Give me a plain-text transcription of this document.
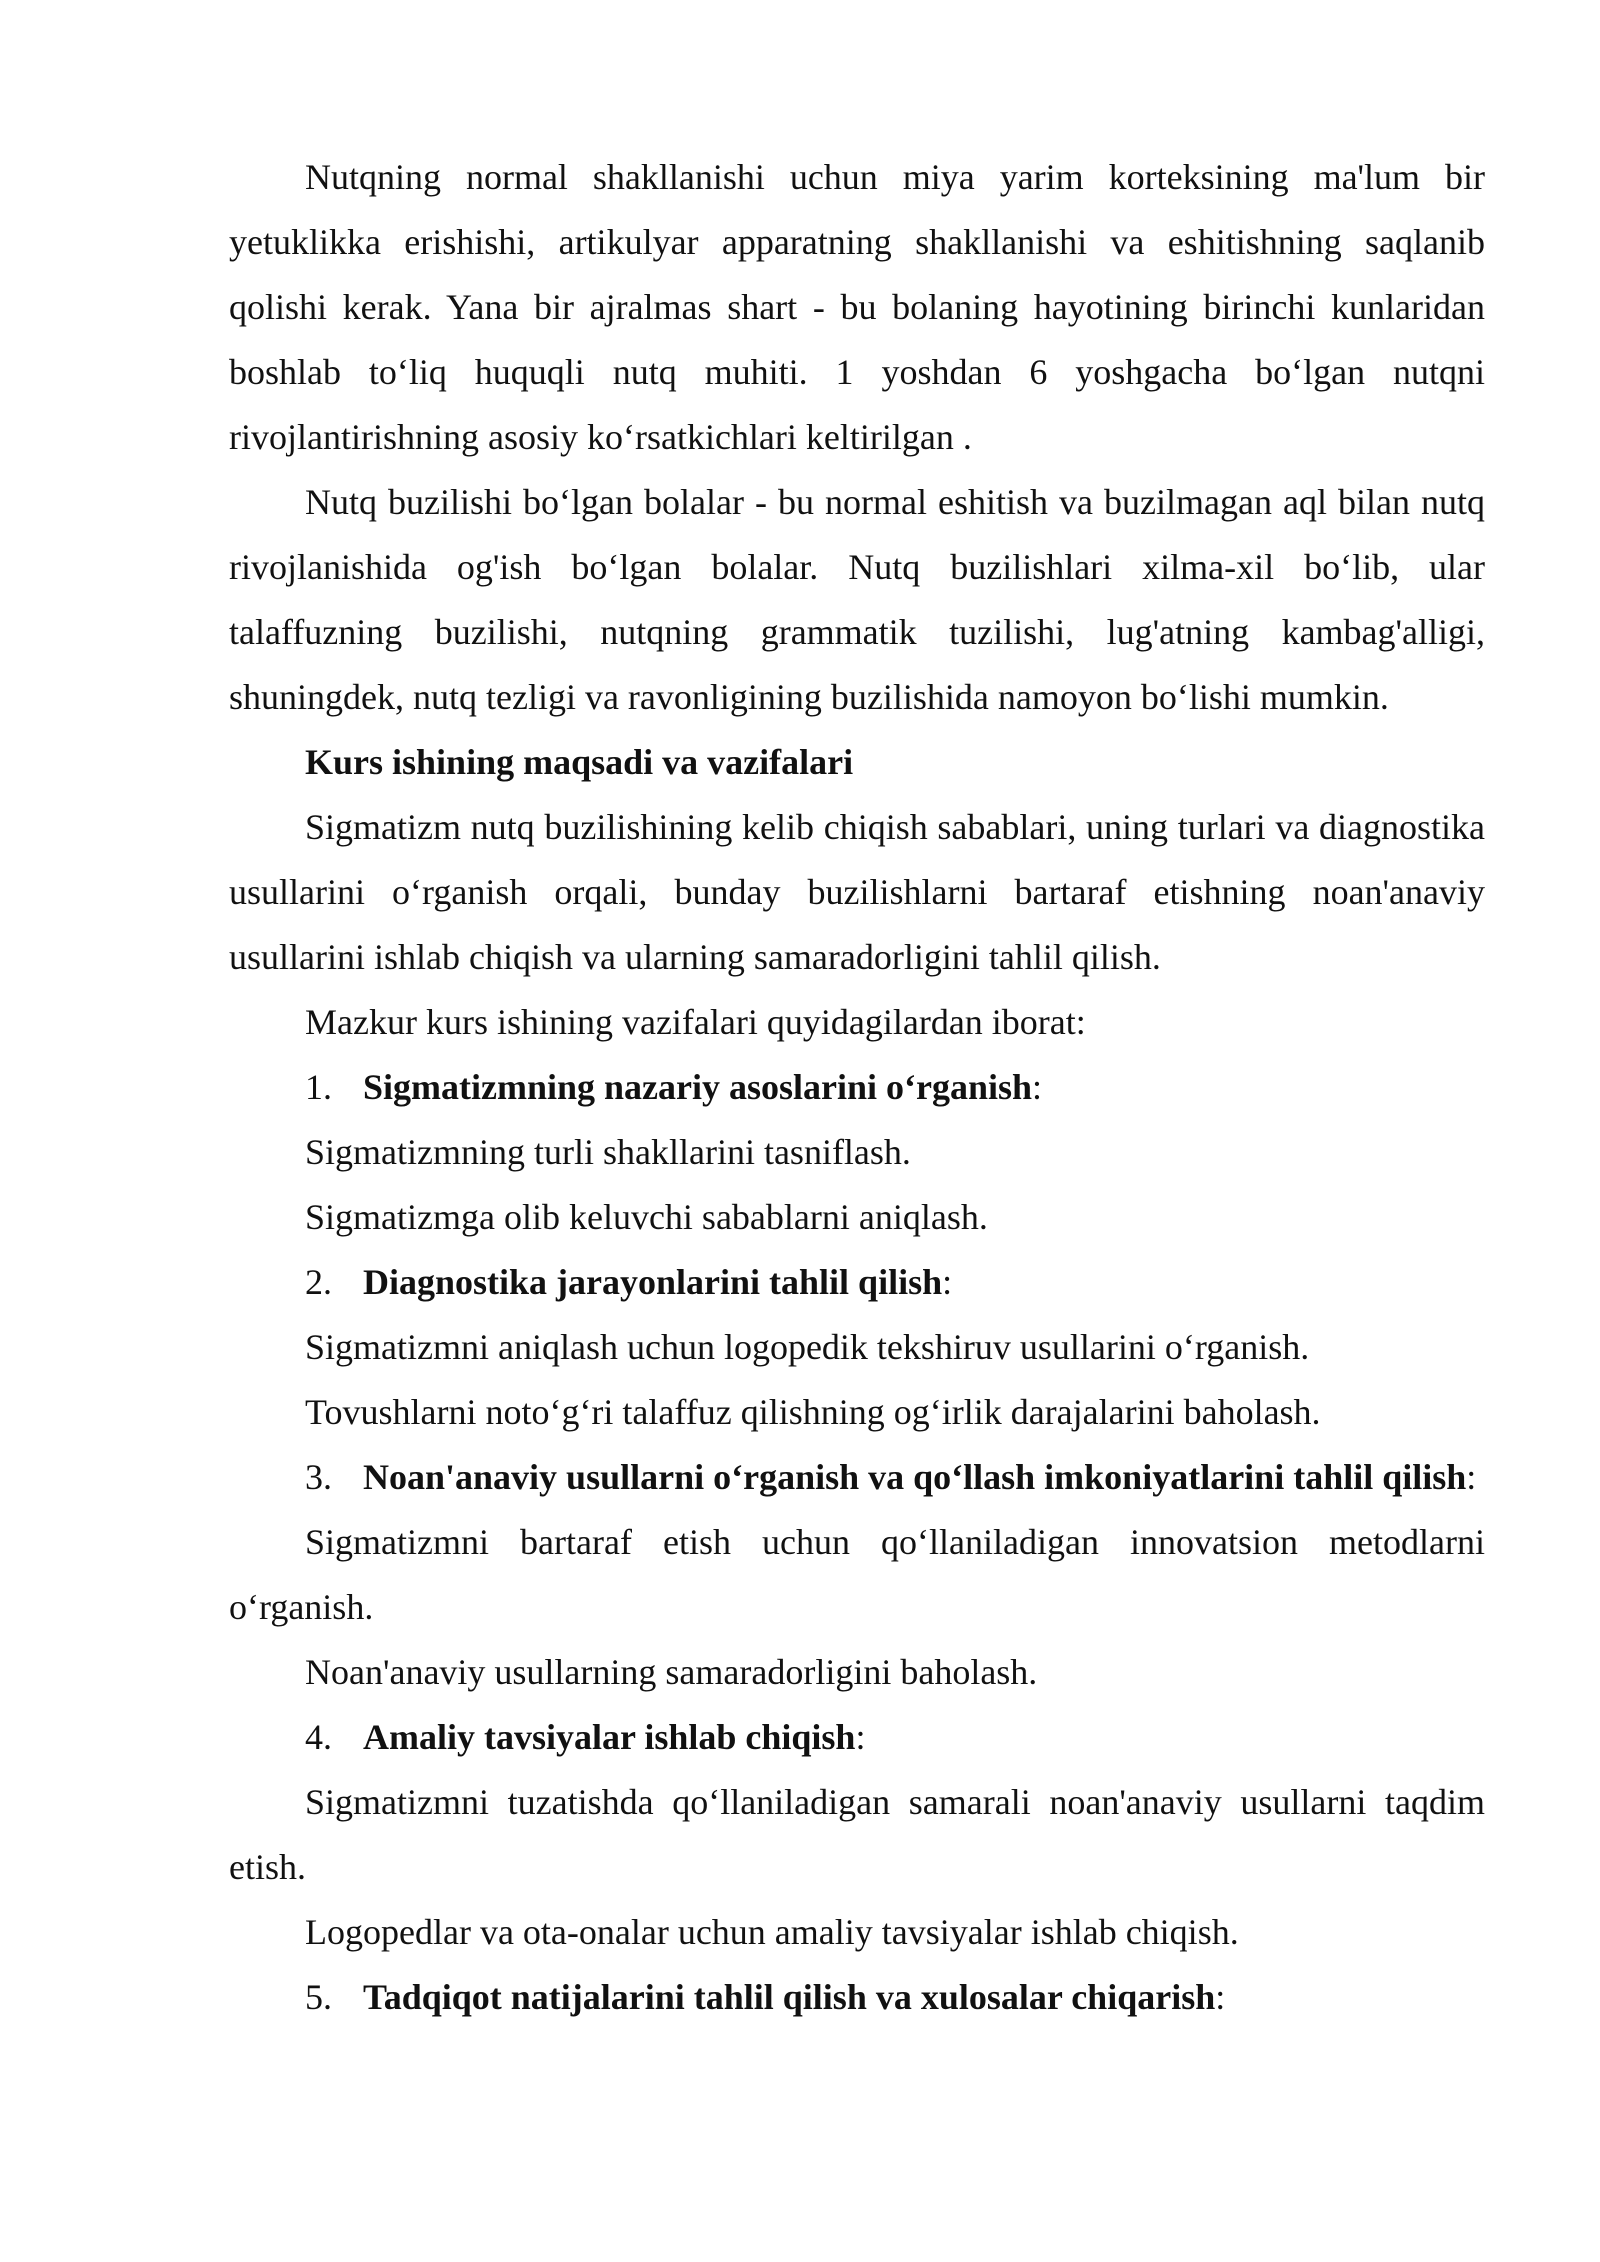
Nutqning normal shakllanishi uchun miya yarim korteksining ma'lum bir yetuklikka erishishi, artikulyar apparatning shakllanishi va eshitishning saqlanib qolishi kerak. Yana bir ajralmas shart - bu bolaning hayotining birinchi kunlaridan boshlab to‘liq huquqli nutq muhiti. 1 yoshdan 6 yoshgacha bo‘lgan nutqni rivojlantirishning asosiy ko‘rsatkichlari keltirilgan .

Nutq buzilishi bo‘lgan bolalar - bu normal eshitish va buzilmagan aql bilan nutq rivojlanishida og'ish bo‘lgan bolalar. Nutq buzilishlari xilma-xil bo‘lib, ular talaffuzning buzilishi, nutqning grammatik tuzilishi, lug'atning kambag'alligi, shuningdek, nutq tezligi va ravonligining buzilishida namoyon bo‘lishi mumkin.

Kurs ishining maqsadi va vazifalari

Sigmatizm nutq buzilishining kelib chiqish sabablari, uning turlari va diagnostika usullarini o‘rganish orqali, bunday buzilishlarni bartaraf etishning noan'anaviy usullarini ishlab chiqish va ularning samaradorligini tahlil qilish.

Mazkur kurs ishining vazifalari quyidagilardan iborat:

1. Sigmatizmning nazariy asoslarini o‘rganish:

Sigmatizmning turli shakllarini tasniflash.

Sigmatizmga olib keluvchi sabablarni aniqlash.

2. Diagnostika jarayonlarini tahlil qilish:

Sigmatizmni aniqlash uchun logopedik tekshiruv usullarini o‘rganish.

Tovushlarni noto‘g‘ri talaffuz qilishning og‘irlik darajalarini baholash.

3. Noan'anaviy usullarni o‘rganish va qo‘llash imkoniyatlarini tahlil qilish:

Sigmatizmni bartaraf etish uchun qo‘llaniladigan innovatsion metodlarni o‘rganish.

Noan'anaviy usullarning samaradorligini baholash.

4. Amaliy tavsiyalar ishlab chiqish:

Sigmatizmni tuzatishda qo‘llaniladigan samarali noan'anaviy usullarni taqdim etish.

Logopedlar va ota-onalar uchun amaliy tavsiyalar ishlab chiqish.

5. Tadqiqot natijalarini tahlil qilish va xulosalar chiqarish:
